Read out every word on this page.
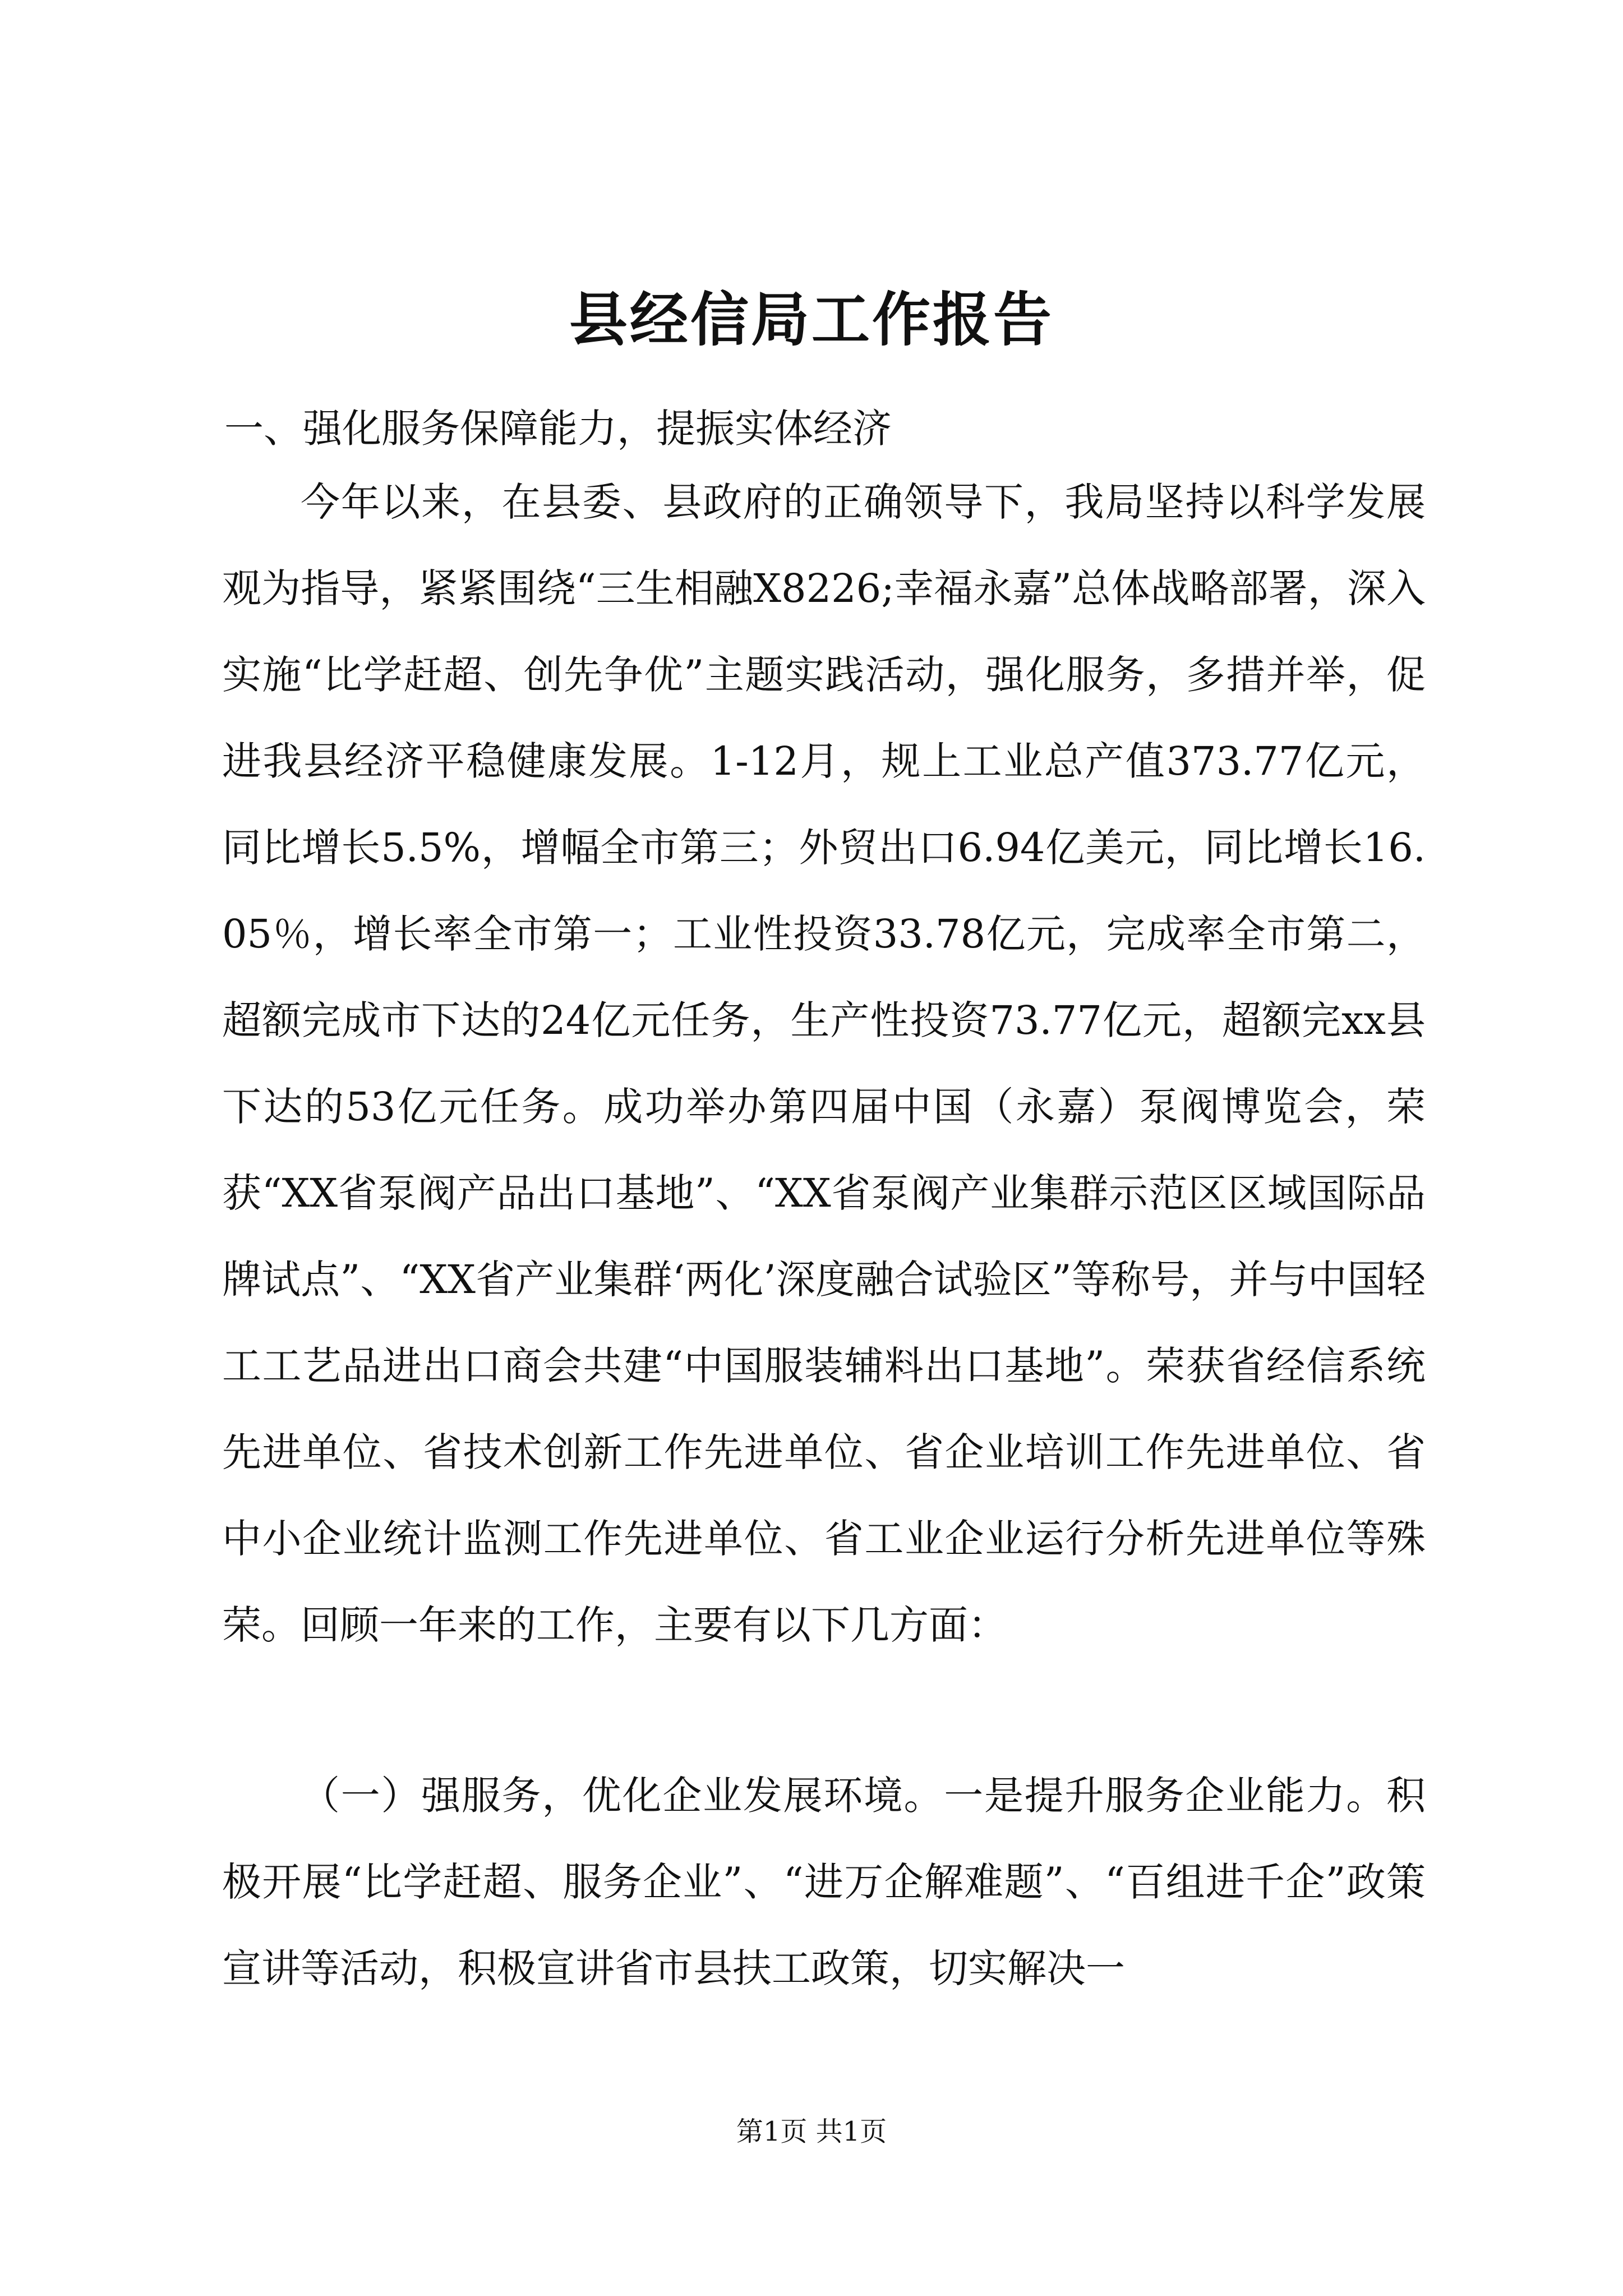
县经信局工作报告

一、强化服务保障能力，提振实体经济

今年以来，在县委、县政府的正确领导下，我局坚持以科学发展观为指导，紧紧围绕“三生相融X8226;幸福永嘉”总体战略部署，深入实施“比学赶超、创先争优”主题实践活动，强化服务，多措并举，促进我县经济平稳健康发展。1-12月，规上工业总产值373.77亿元，同比增长5.5%，增幅全市第三；外贸出口6.94亿美元，同比增长16.05％，增长率全市第一；工业性投资33.78亿元，完成率全市第二，超额完成市下达的24亿元任务，生产性投资73.77亿元，超额完xx县下达的53亿元任务。成功举办第四届中国（永嘉）泵阀博览会，荣获“XX省泵阀产品出口基地”、“XX省泵阀产业集群示范区区域国际品牌试点”、“XX省产业集群‘两化’深度融合试验区”等称号，并与中国轻工工艺品进出口商会共建“中国服装辅料出口基地”。荣获省经信系统先进单位、省技术创新工作先进单位、省企业培训工作先进单位、省中小企业统计监测工作先进单位、省工业企业运行分析先进单位等殊荣。回顾一年来的工作，主要有以下几方面：

（一）强服务，优化企业发展环境。一是提升服务企业能力。积极开展“比学赶超、服务企业”、“进万企解难题”、“百组进千企”政策宣讲等活动，积极宣讲省市县扶工政策，切实解决一

第1页 共1页
